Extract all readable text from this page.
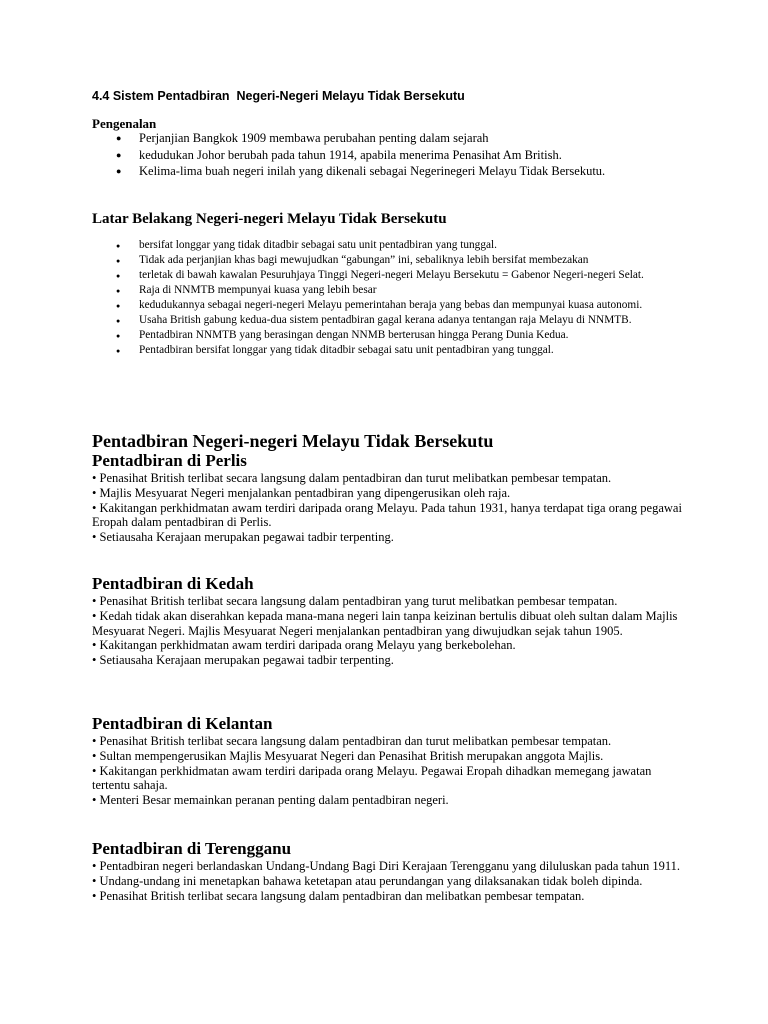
4.4 Sistem Pentadbiran  Negeri-Negeri Melayu Tidak Bersekutu
Pengenalan
● Perjanjian Bangkok 1909 membawa perubahan penting dalam sejarah
● kedudukan Johor berubah pada tahun 1914, apabila menerima Penasihat Am British.
● Kelima-lima buah negeri inilah yang dikenali sebagai Negerinegeri Melayu Tidak Bersekutu.
Latar Belakang Negeri-negeri Melayu Tidak Bersekutu
● bersifat longgar yang tidak ditadbir sebagai satu unit pentadbiran yang tunggal.
● Tidak ada perjanjian khas bagi mewujudkan “gabungan” ini, sebaliknya lebih bersifat membezakan
● terletak di bawah kawalan Pesuruhjaya Tinggi Negeri-negeri Melayu Bersekutu = Gabenor Negeri-negeri Selat.
● Raja di NNMTB mempunyai kuasa yang lebih besar
● kedudukannya sebagai negeri-negeri Melayu pemerintahan beraja yang bebas dan mempunyai kuasa autonomi.
● Usaha British gabung kedua-dua sistem pentadbiran gagal kerana adanya tentangan raja Melayu di NNMTB.
● Pentadbiran NNMTB yang berasingan dengan NNMB berterusan hingga Perang Dunia Kedua.
● Pentadbiran bersifat longgar yang tidak ditadbir sebagai satu unit pentadbiran yang tunggal.
Pentadbiran Negeri-negeri Melayu Tidak Bersekutu
Pentadbiran di Perlis

• Penasihat British terlibat secara langsung dalam pentadbiran dan turut melibatkan pembesar tempatan.

• Majlis Mesyuarat Negeri menjalankan pentadbiran yang dipengerusikan oleh raja.

• Kakitangan perkhidmatan awam terdiri daripada orang Melayu. Pada tahun 1931, hanya terdapat tiga orang pegawai Eropah dalam pentadbiran di Perlis.

• Setiausaha Kerajaan merupakan pegawai tadbir terpenting.

Pentadbiran di Kedah

• Penasihat British terlibat secara langsung dalam pentadbiran yang turut melibatkan pembesar tempatan.

• Kedah tidak akan diserahkan kepada mana-mana negeri lain tanpa keizinan bertulis dibuat oleh sultan dalam Majlis Mesyuarat Negeri. Majlis Mesyuarat Negeri menjalankan pentadbiran yang diwujudkan sejak tahun 1905.

• Kakitangan perkhidmatan awam terdiri daripada orang Melayu yang berkebolehan.

• Setiausaha Kerajaan merupakan pegawai tadbir terpenting.

Pentadbiran di Kelantan

• Penasihat British terlibat secara langsung dalam pentadbiran dan turut melibatkan pembesar tempatan.

• Sultan mempengerusikan Majlis Mesyuarat Negeri dan Penasihat British merupakan anggota Majlis.

• Kakitangan perkhidmatan awam terdiri daripada orang Melayu. Pegawai Eropah dihadkan memegang jawatan tertentu sahaja.

• Menteri Besar memainkan peranan penting dalam pentadbiran negeri.

Pentadbiran di Terengganu

• Pentadbiran negeri berlandaskan Undang-Undang Bagi Diri Kerajaan Terengganu yang diluluskan pada tahun 1911.

• Undang-undang ini menetapkan bahawa ketetapan atau perundangan yang dilaksanakan tidak boleh dipinda.

• Penasihat British terlibat secara langsung dalam pentadbiran dan melibatkan pembesar tempatan.
